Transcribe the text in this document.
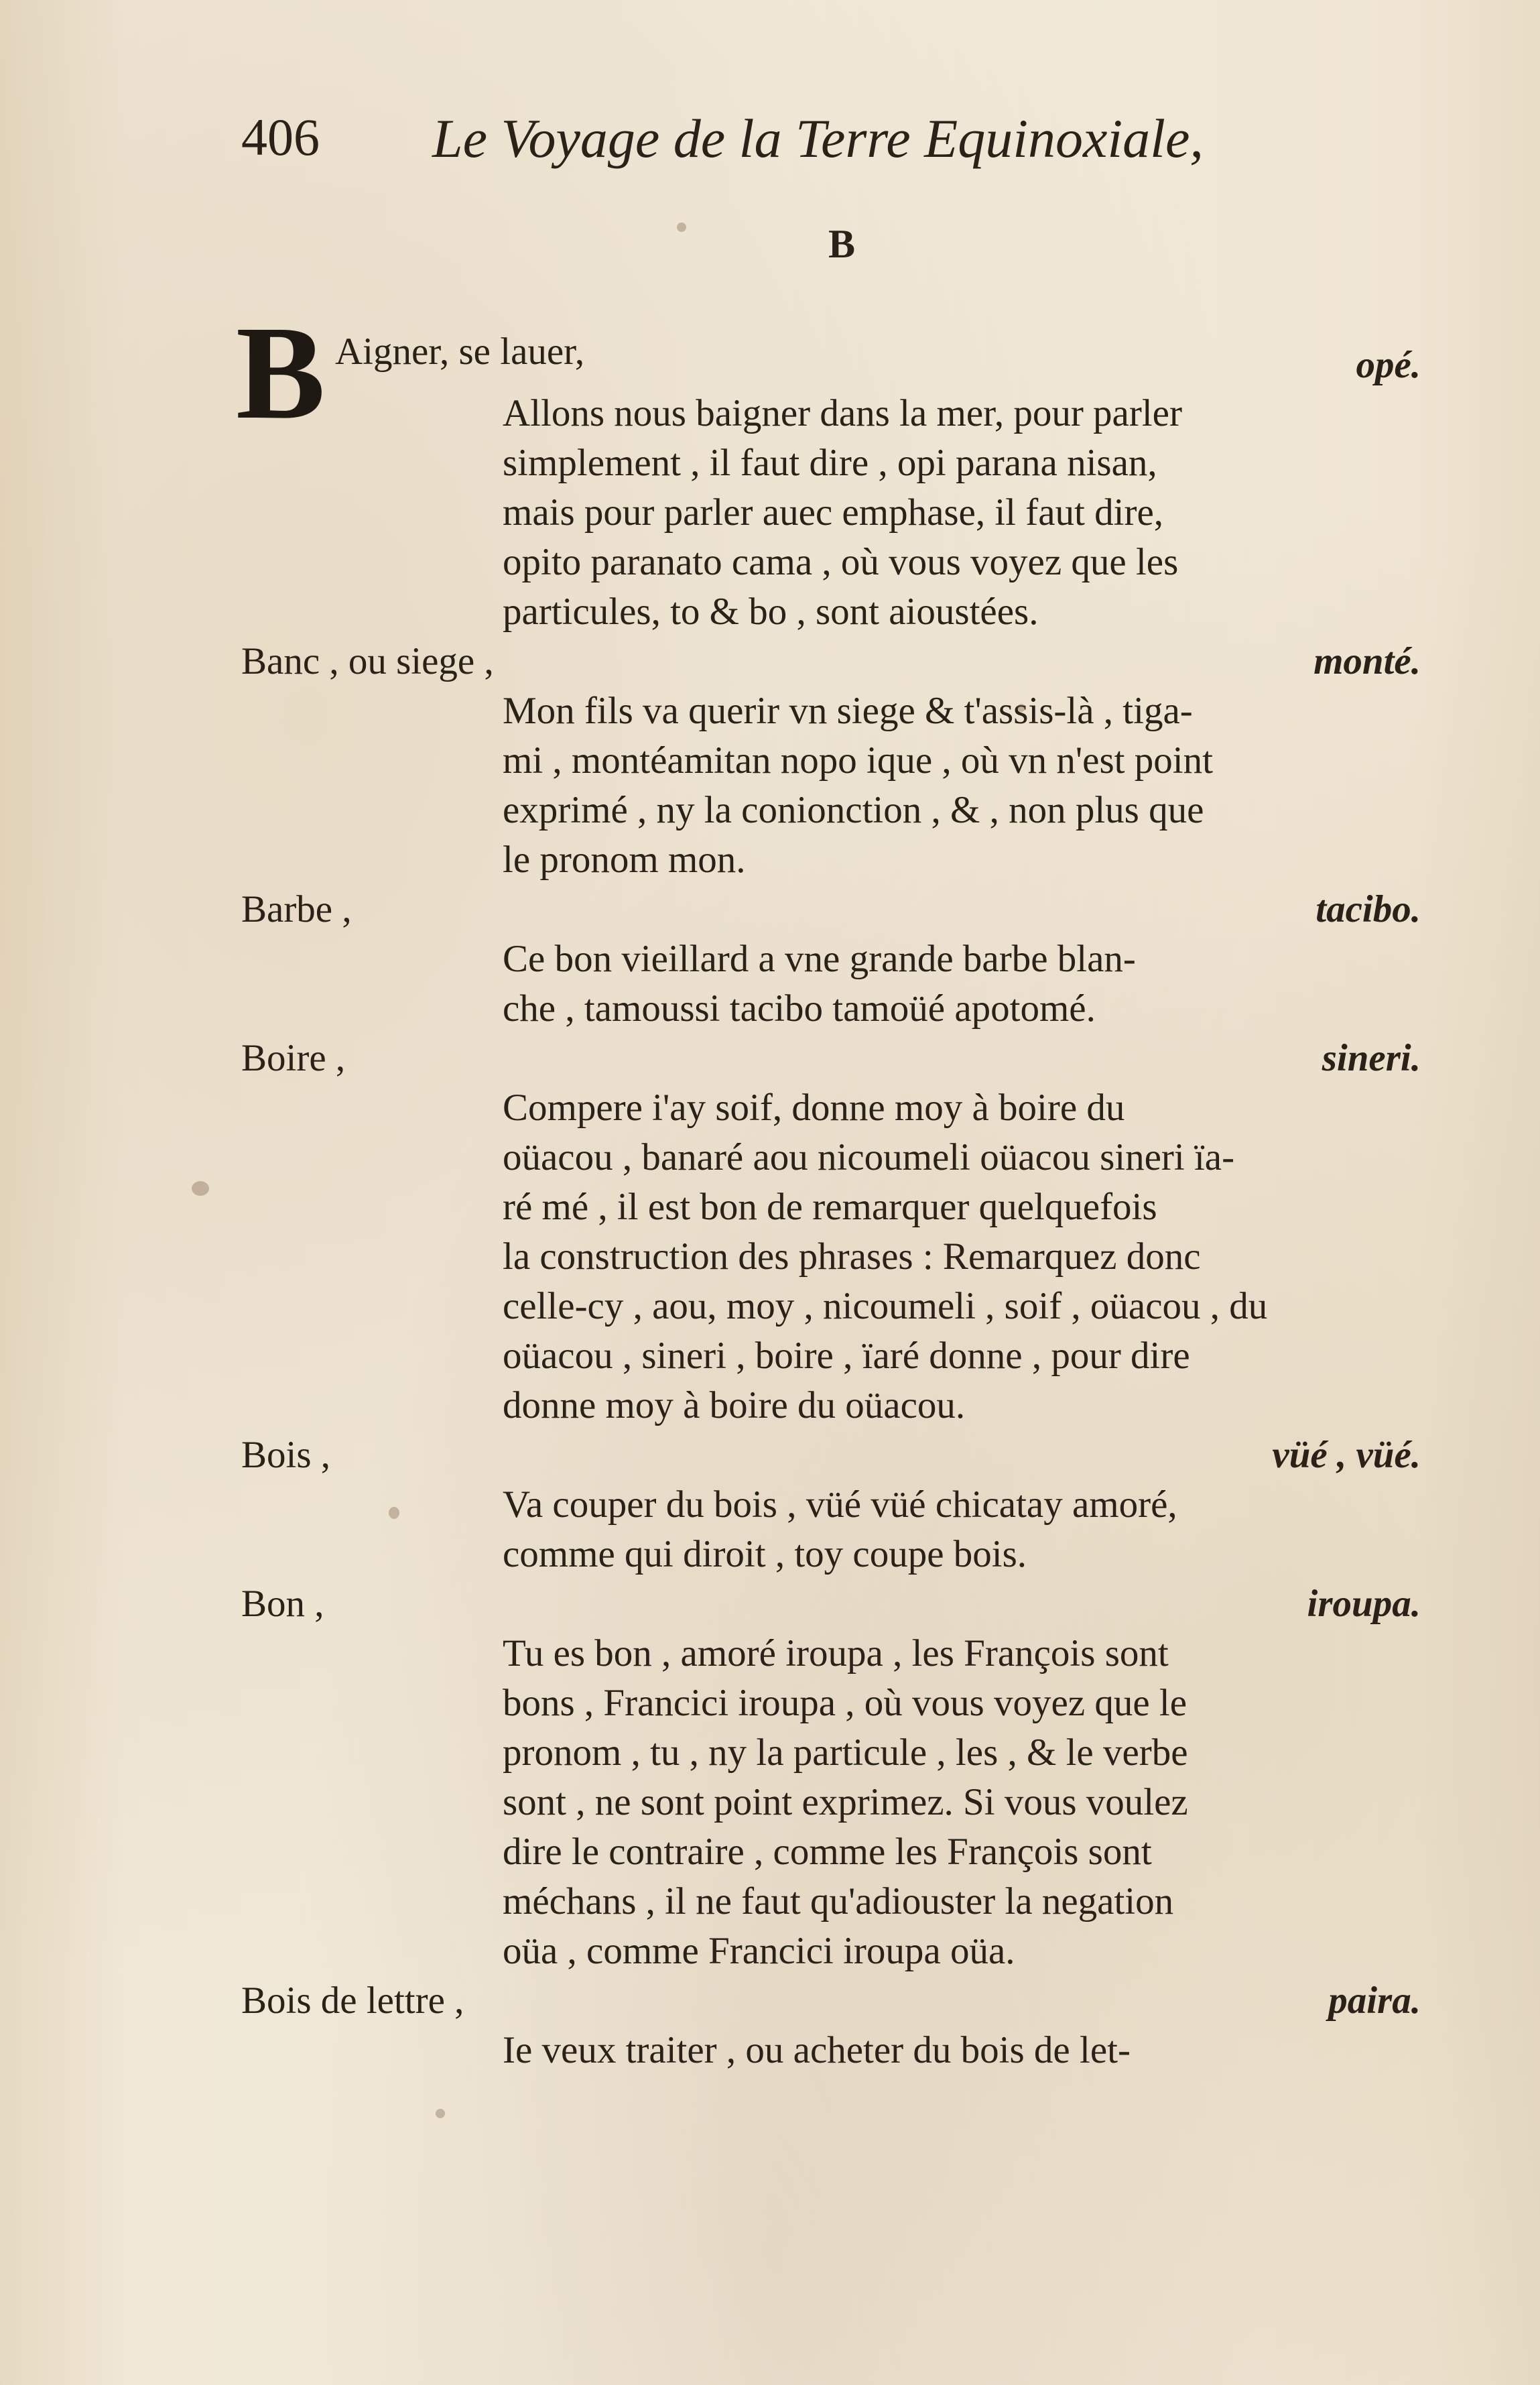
406 Le Voyage de la Terre Equinoxiale,
B
B Aigner, se lauer,	opé.
Allons nous baigner dans la mer, pour parler
simplement , il faut dire , opi parana nisan,
mais pour parler auec emphase, il faut dire,
opito paranato cama , où vous voyez que les
particules, to & bo , sont aioustées.
Banc , ou siege ,	monté.
Mon fils va querir vn siege & t'assis-là , tiga-
mi , montéamitan nopo ique , où vn n'est point
exprimé , ny la conionction , & , non plus que
le pronom mon.
Barbe ,	tacibo.
Ce bon vieillard a vne grande barbe blan-
che , tamoussi tacibo tamoüé apotomé.
Boire ,	sineri.
Compere i'ay soif, donne moy à boire du
oüacou , banaré aou nicoumeli oüacou sineri ïa-
ré mé , il est bon de remarquer quelquefois
la construction des phrases : Remarquez donc
celle-cy , aou, moy , nicoumeli , soif , oüacou , du
oüacou , sineri , boire , ïaré donne , pour dire
donne moy à boire du oüacou.
Bois ,	vüé , vüé.
Va couper du bois , vüé vüé chicatay amoré,
comme qui diroit , toy coupe bois.
Bon ,	iroupa.
Tu es bon , amoré iroupa , les François sont
bons , Francici iroupa , où vous voyez que le
pronom , tu , ny la particule , les , & le verbe
sont , ne sont point exprimez. Si vous voulez
dire le contraire , comme les François sont
méchans , il ne faut qu'adiouster la negation
oüa , comme Francici iroupa oüa.
Bois de lettre ,	paira.
Ie veux traiter , ou acheter du bois de let-
